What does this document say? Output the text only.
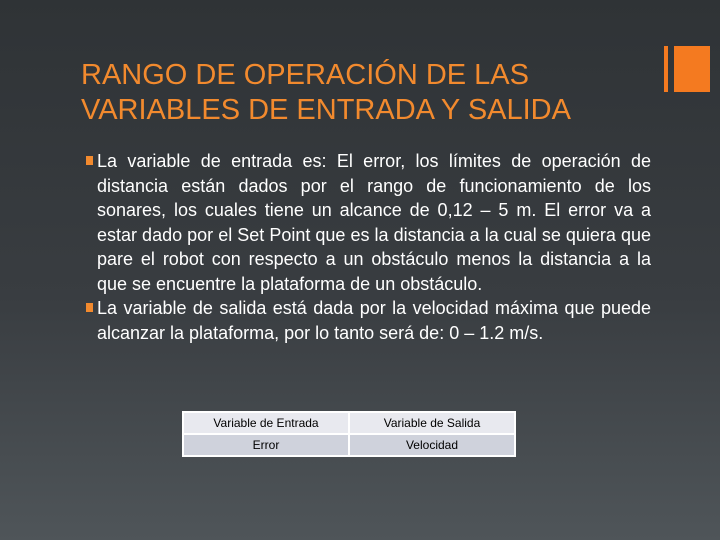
RANGO DE OPERACIÓN DE LAS
VARIABLES DE ENTRADA Y SALIDA
La variable de entrada es: El error, los límites de operación de distancia están dados por el rango de funcionamiento de los sonares, los cuales tiene un alcance de 0,12 – 5 m. El error va a estar dado por el Set Point que es la distancia a la cual se quiera que pare el robot con respecto a un obstáculo menos la distancia a la que se encuentre la plataforma de un obstáculo.
La variable de salida está dada por la velocidad máxima que puede alcanzar la plataforma, por lo tanto será de: 0 – 1.2 m/s.
Variable de Entrada	Variable de Salida
Error	Velocidad
